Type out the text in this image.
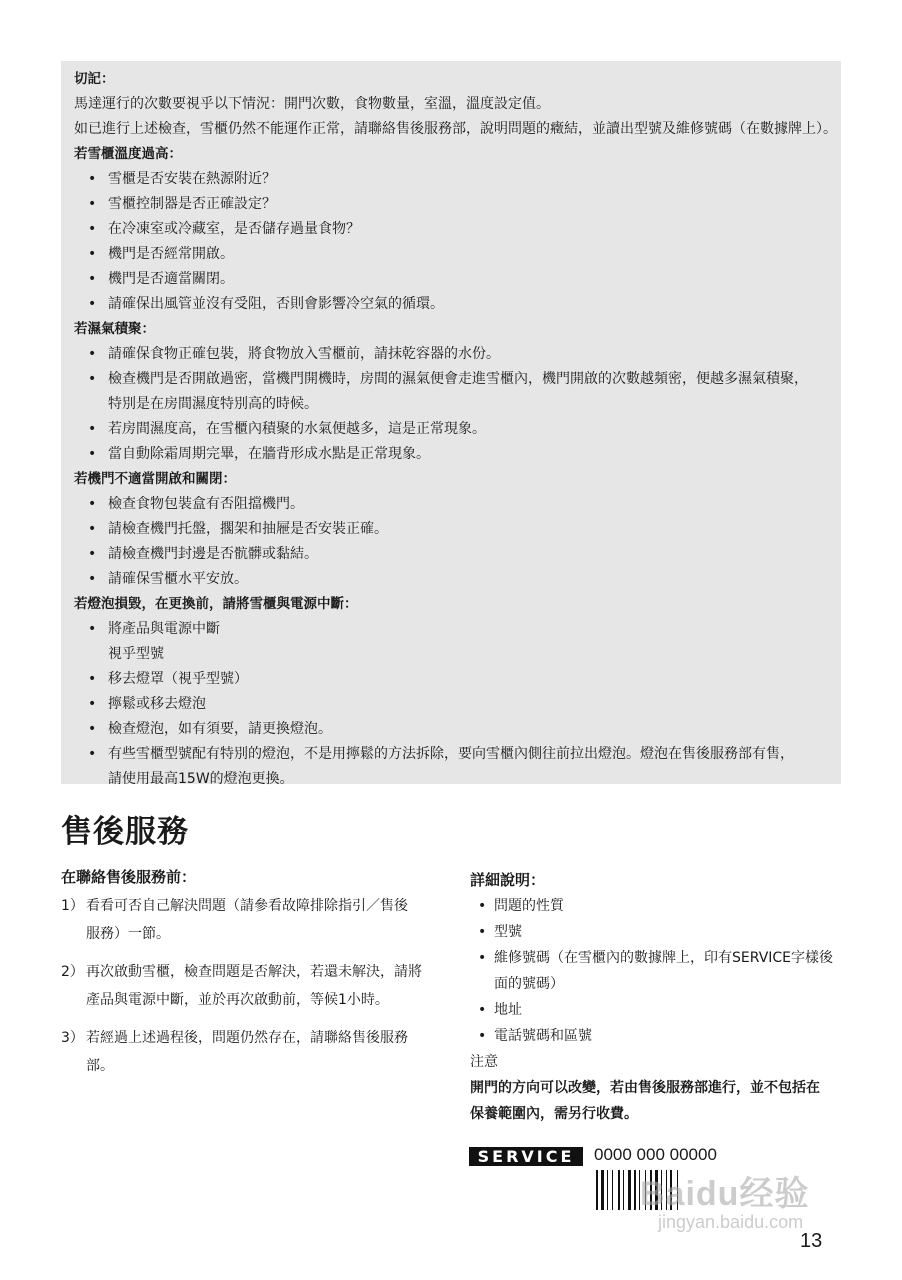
切記：
馬達運行的次數要視乎以下情況：開門次數，食物數量，室溫，溫度設定值。
如已進行上述檢查，雪櫃仍然不能運作正常，請聯絡售後服務部，說明問題的癥結，並讀出型號及維修號碼（在數據牌上）。
若雪櫃溫度過高：
• 雪櫃是否安裝在熱源附近？
• 雪櫃控制器是否正確設定？
• 在冷凍室或冷藏室，是否儲存過量食物？
• 機門是否經常開啟。
• 機門是否適當關閉。
• 請確保出風管並沒有受阻，否則會影響冷空氣的循環。
若濕氣積聚：
• 請確保食物正確包裝，將食物放入雪櫃前，請抹乾容器的水份。
• 檢查機門是否開啟過密，當機門開機時，房間的濕氣便會走進雪櫃內，機門開啟的次數越頻密，便越多濕氣積聚，
特別是在房間濕度特別高的時候。
• 若房間濕度高，在雪櫃內積聚的水氣便越多，這是正常現象。
• 當自動除霜周期完畢，在牆背形成水點是正常現象。
若機門不適當開啟和關閉：
• 檢查食物包裝盒有否阻擋機門。
• 請檢查機門托盤，擱架和抽屜是否安裝正確。
• 請檢查機門封邊是否骯髒或黏結。
• 請確保雪櫃水平安放。
若燈泡損毀，在更換前，請將雪櫃與電源中斷：
• 將產品與電源中斷
視乎型號
• 移去燈罩（視乎型號）
• 擰鬆或移去燈泡
• 檢查燈泡，如有須要，請更換燈泡。
• 有些雪櫃型號配有特別的燈泡，不是用擰鬆的方法拆除，要向雪櫃內側往前拉出燈泡。燈泡在售後服務部有售，
請使用最高15W的燈泡更換。
售後服務
在聯絡售後服務前：
1） 看看可否自己解決問題（請參看故障排除指引／售後
服務）一節。
2） 再次啟動雪櫃，檢查問題是否解決，若還未解決，請將
產品與電源中斷，並於再次啟動前，等候1小時。
3） 若經過上述過程後，問題仍然存在，請聯絡售後服務
部。
詳細說明：
• 問題的性質
• 型號
• 維修號碼（在雪櫃內的數據牌上，印有SERVICE字樣後
面的號碼）
• 地址
• 電話號碼和區號
注意
開門的方向可以改變，若由售後服務部進行，並不包括在
保養範圍內，需另行收費。
SERVICE	0000 000 00000
Baidu经验
jingyan.baidu.com
13
